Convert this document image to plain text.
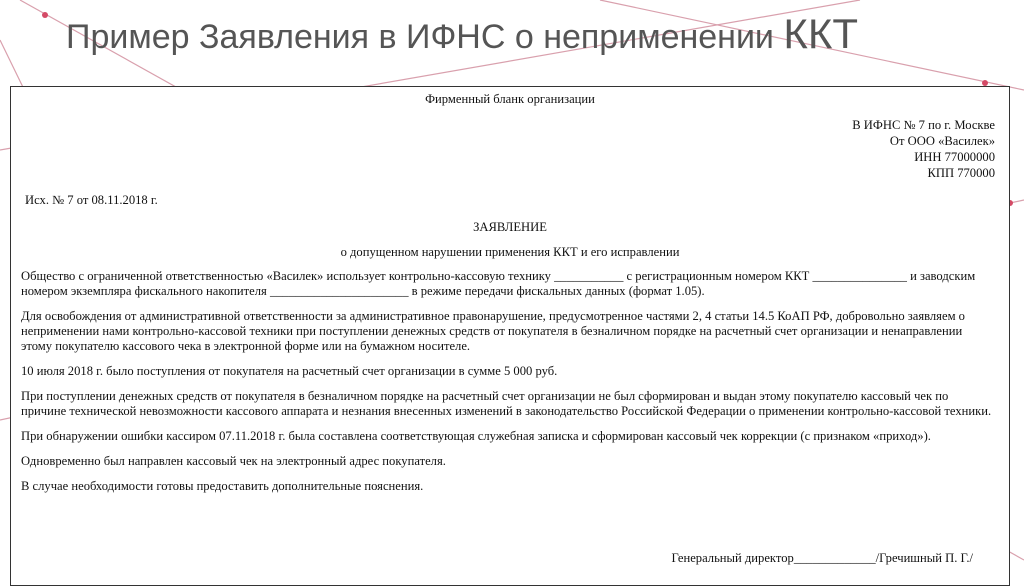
Пример Заявления в ИФНС о неприменении ККТ
Фирменный бланк организации
В ИФНС № 7 по г. Москве
От ООО «Василек»
ИНН 77000000
КПП 770000
Исх. № 7 от 08.11.2018 г.
ЗАЯВЛЕНИЕ
о допущенном нарушении применения ККТ и его исправлении

Общество с ограниченной ответственностью «Василек» использует контрольно-кассовую технику ___________ с регистрационным номером ККТ _______________ и заводским номером экземпляра фискального накопителя ______________________ в режиме передачи фискальных данных (формат 1.05).

Для освобождения от административной ответственности за административное правонарушение, предусмотренное частями 2, 4 статьи 14.5 КоАП РФ, добровольно заявляем о неприменении нами контрольно-кассовой техники при поступлении денежных средств от покупателя в безналичном порядке на расчетный счет организации и ненаправлении этому покупателю кассового чека в электронной форме или на бумажном носителе.

10 июля 2018 г. было поступления от покупателя на расчетный счет организации в сумме 5 000 руб.

При поступлении денежных средств от покупателя в безналичном порядке на расчетный счет организации не был сформирован и выдан этому покупателю кассовый чек по причине технической невозможности кассового аппарата и незнания внесенных изменений в законодательство Российской Федерации о применении контрольно-кассовой техники.

При обнаружении ошибки кассиром 07.11.2018 г. была составлена соответствующая служебная записка и сформирован кассовый чек коррекции (с признаком «приход»).

Одновременно был направлен кассовый чек на электронный адрес покупателя.

В случае необходимости готовы предоставить дополнительные пояснения.

Генеральный директор_____________/Гречишный П. Г./
